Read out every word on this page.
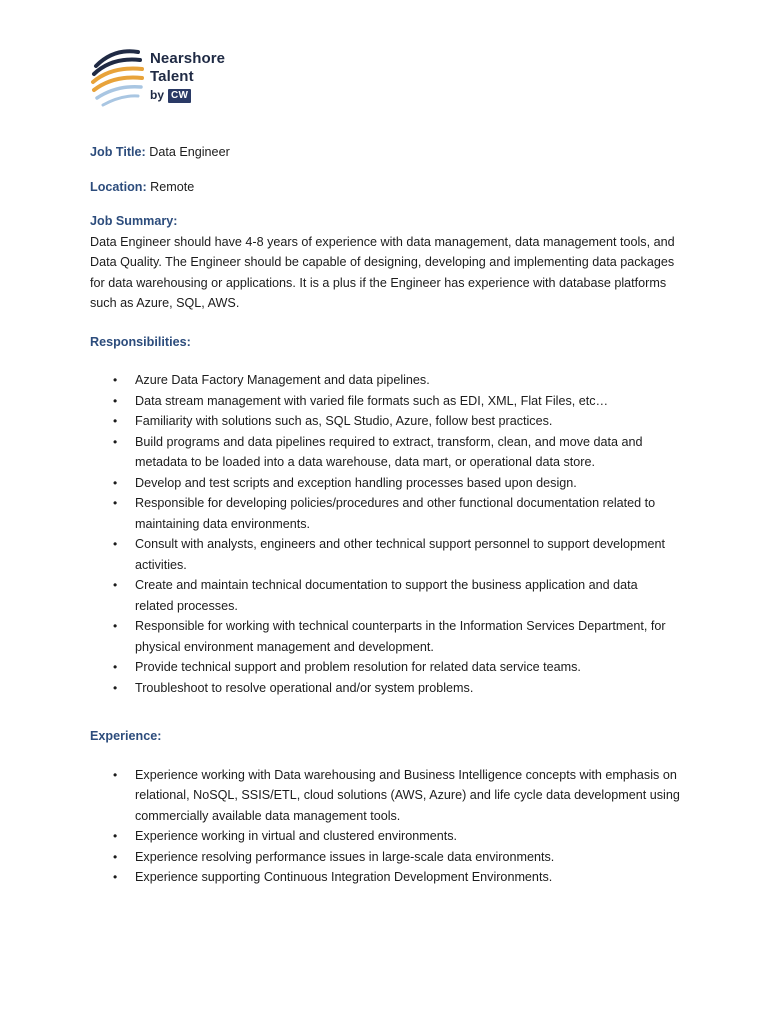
Nearshore
Talent
by CW

Job Title: Data Engineer

Location: Remote

Job Summary:

Data Engineer should have 4-8 years of experience with data management, data management tools, and

Data Quality. The Engineer should be capable of designing, developing and implementing data packages

for data warehousing or applications. It is a plus if the Engineer has experience with database platforms

such as Azure, SQL, AWS.

Responsibilities:

• Azure Data Factory Management and data pipelines.
• Data stream management with varied file formats such as EDI, XML, Flat Files, etc…
• Familiarity with solutions such as, SQL Studio, Azure, follow best practices.
• Build programs and data pipelines required to extract, transform, clean, and move data and
metadata to be loaded into a data warehouse, data mart, or operational data store.
• Develop and test scripts and exception handling processes based upon design.
• Responsible for developing policies/procedures and other functional documentation related to
maintaining data environments.
• Consult with analysts, engineers and other technical support personnel to support development
activities.
• Create and maintain technical documentation to support the business application and data
related processes.
• Responsible for working with technical counterparts in the Information Services Department, for
physical environment management and development.
• Provide technical support and problem resolution for related data service teams.
• Troubleshoot to resolve operational and/or system problems.

Experience:

• Experience working with Data warehousing and Business Intelligence concepts with emphasis on
relational, NoSQL, SSIS/ETL, cloud solutions (AWS, Azure) and life cycle data development using
commercially available data management tools.
• Experience working in virtual and clustered environments.
• Experience resolving performance issues in large-scale data environments.
• Experience supporting Continuous Integration Development Environments.
